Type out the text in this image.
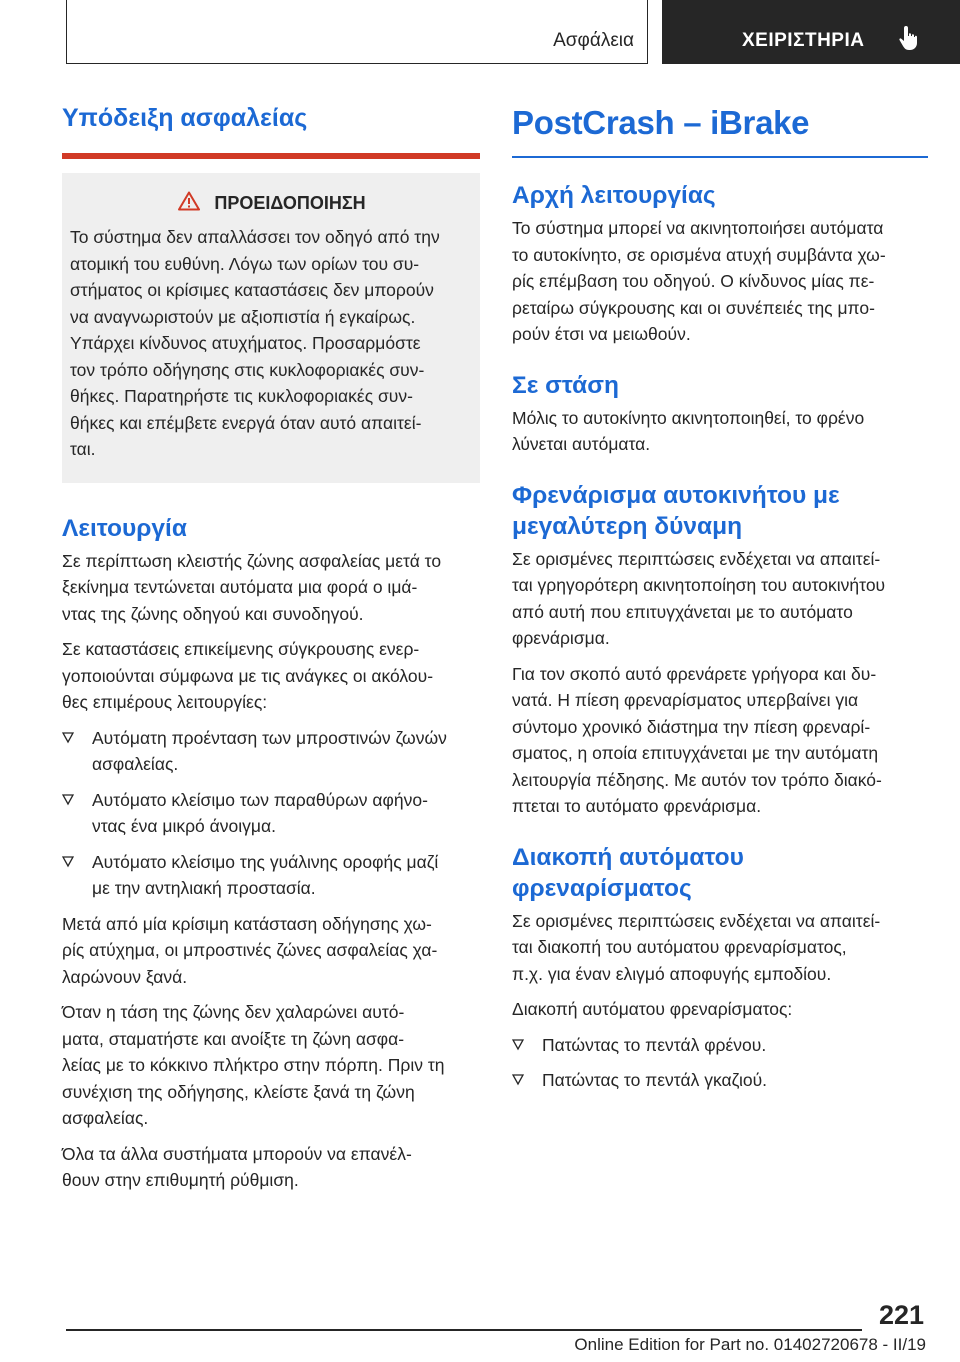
Ασφάλεια	ΧΕΙΡΙΣΤΗΡΙΑ
Υπόδειξη ασφαλείας
ΠΡΟΕΙΔΟΠΟΙΗΣΗ
Το σύστημα δεν απαλλάσσει τον οδηγό από την
ατομική του ευθύνη. Λόγω των ορίων του συ-
στήματος οι κρίσιμες καταστάσεις δεν μπορούν
να αναγνωριστούν με αξιοπιστία ή εγκαίρως.
Υπάρχει κίνδυνος ατυχήματος. Προσαρμόστε
τον τρόπο οδήγησης στις κυκλοφοριακές συν-
θήκες. Παρατηρήστε τις κυκλοφοριακές συν-
θήκες και επέμβετε ενεργά όταν αυτό απαιτεί-
ται.
Λειτουργία

Σε περίπτωση κλειστής ζώνης ασφαλείας μετά το
ξεκίνημα τεντώνεται αυτόματα μια φορά ο ιμά-
ντας της ζώνης οδηγού και συνοδηγού.

Σε καταστάσεις επικείμενης σύγκρουσης ενερ-
γοποιούνται σύμφωνα με τις ανάγκες οι ακόλου-
θες επιμέρους λειτουργίες:

Αυτόματη προένταση των μπροστινών ζωνών
ασφαλείας.

Αυτόματο κλείσιμο των παραθύρων αφήνο-
ντας ένα μικρό άνοιγμα.

Αυτόματο κλείσιμο της γυάλινης οροφής μαζί
με την αντηλιακή προστασία.

Μετά από μία κρίσιμη κατάσταση οδήγησης χω-
ρίς ατύχημα, οι μπροστινές ζώνες ασφαλείας χα-
λαρώνουν ξανά.

Όταν η τάση της ζώνης δεν χαλαρώνει αυτό-
ματα, σταματήστε και ανοίξτε τη ζώνη ασφα-
λείας με το κόκκινο πλήκτρο στην πόρπη. Πριν τη
συνέχιση της οδήγησης, κλείστε ξανά τη ζώνη
ασφαλείας.

Όλα τα άλλα συστήματα μπορούν να επανέλ-
θουν στην επιθυμητή ρύθμιση.

PostCrash – iBrake
Αρχή λειτουργίας

Το σύστημα μπορεί να ακινητοποιήσει αυτόματα
το αυτοκίνητο, σε ορισμένα ατυχή συμβάντα χω-
ρίς επέμβαση του οδηγού. Ο κίνδυνος μίας πε-
ρεταίρω σύγκρουσης και οι συνέπειές της μπο-
ρούν έτσι να μειωθούν.

Σε στάση

Μόλις το αυτοκίνητο ακινητοποιηθεί, το φρένο
λύνεται αυτόματα.

Φρενάρισμα αυτοκινήτου με
μεγαλύτερη δύναμη

Σε ορισμένες περιπτώσεις ενδέχεται να απαιτεί-
ται γρηγορότερη ακινητοποίηση του αυτοκινήτου
από αυτή που επιτυγχάνεται με το αυτόματο
φρενάρισμα.

Για τον σκοπό αυτό φρενάρετε γρήγορα και δυ-
νατά. Η πίεση φρεναρίσματος υπερβαίνει για
σύντομο χρονικό διάστημα την πίεση φρεναρί-
σματος, η οποία επιτυγχάνεται με την αυτόματη
λειτουργία πέδησης. Με αυτόν τον τρόπο διακό-
πτεται το αυτόματο φρενάρισμα.

Διακοπή αυτόματου
φρεναρίσματος

Σε ορισμένες περιπτώσεις ενδέχεται να απαιτεί-
ται διακοπή του αυτόματου φρεναρίσματος,
π.χ. για έναν ελιγμό αποφυγής εμποδίου.

Διακοπή αυτόματου φρεναρίσματος:

Πατώντας το πεντάλ φρένου.

Πατώντας το πεντάλ γκαζιού.

221
Online Edition for Part no. 01402720678 - II/19
